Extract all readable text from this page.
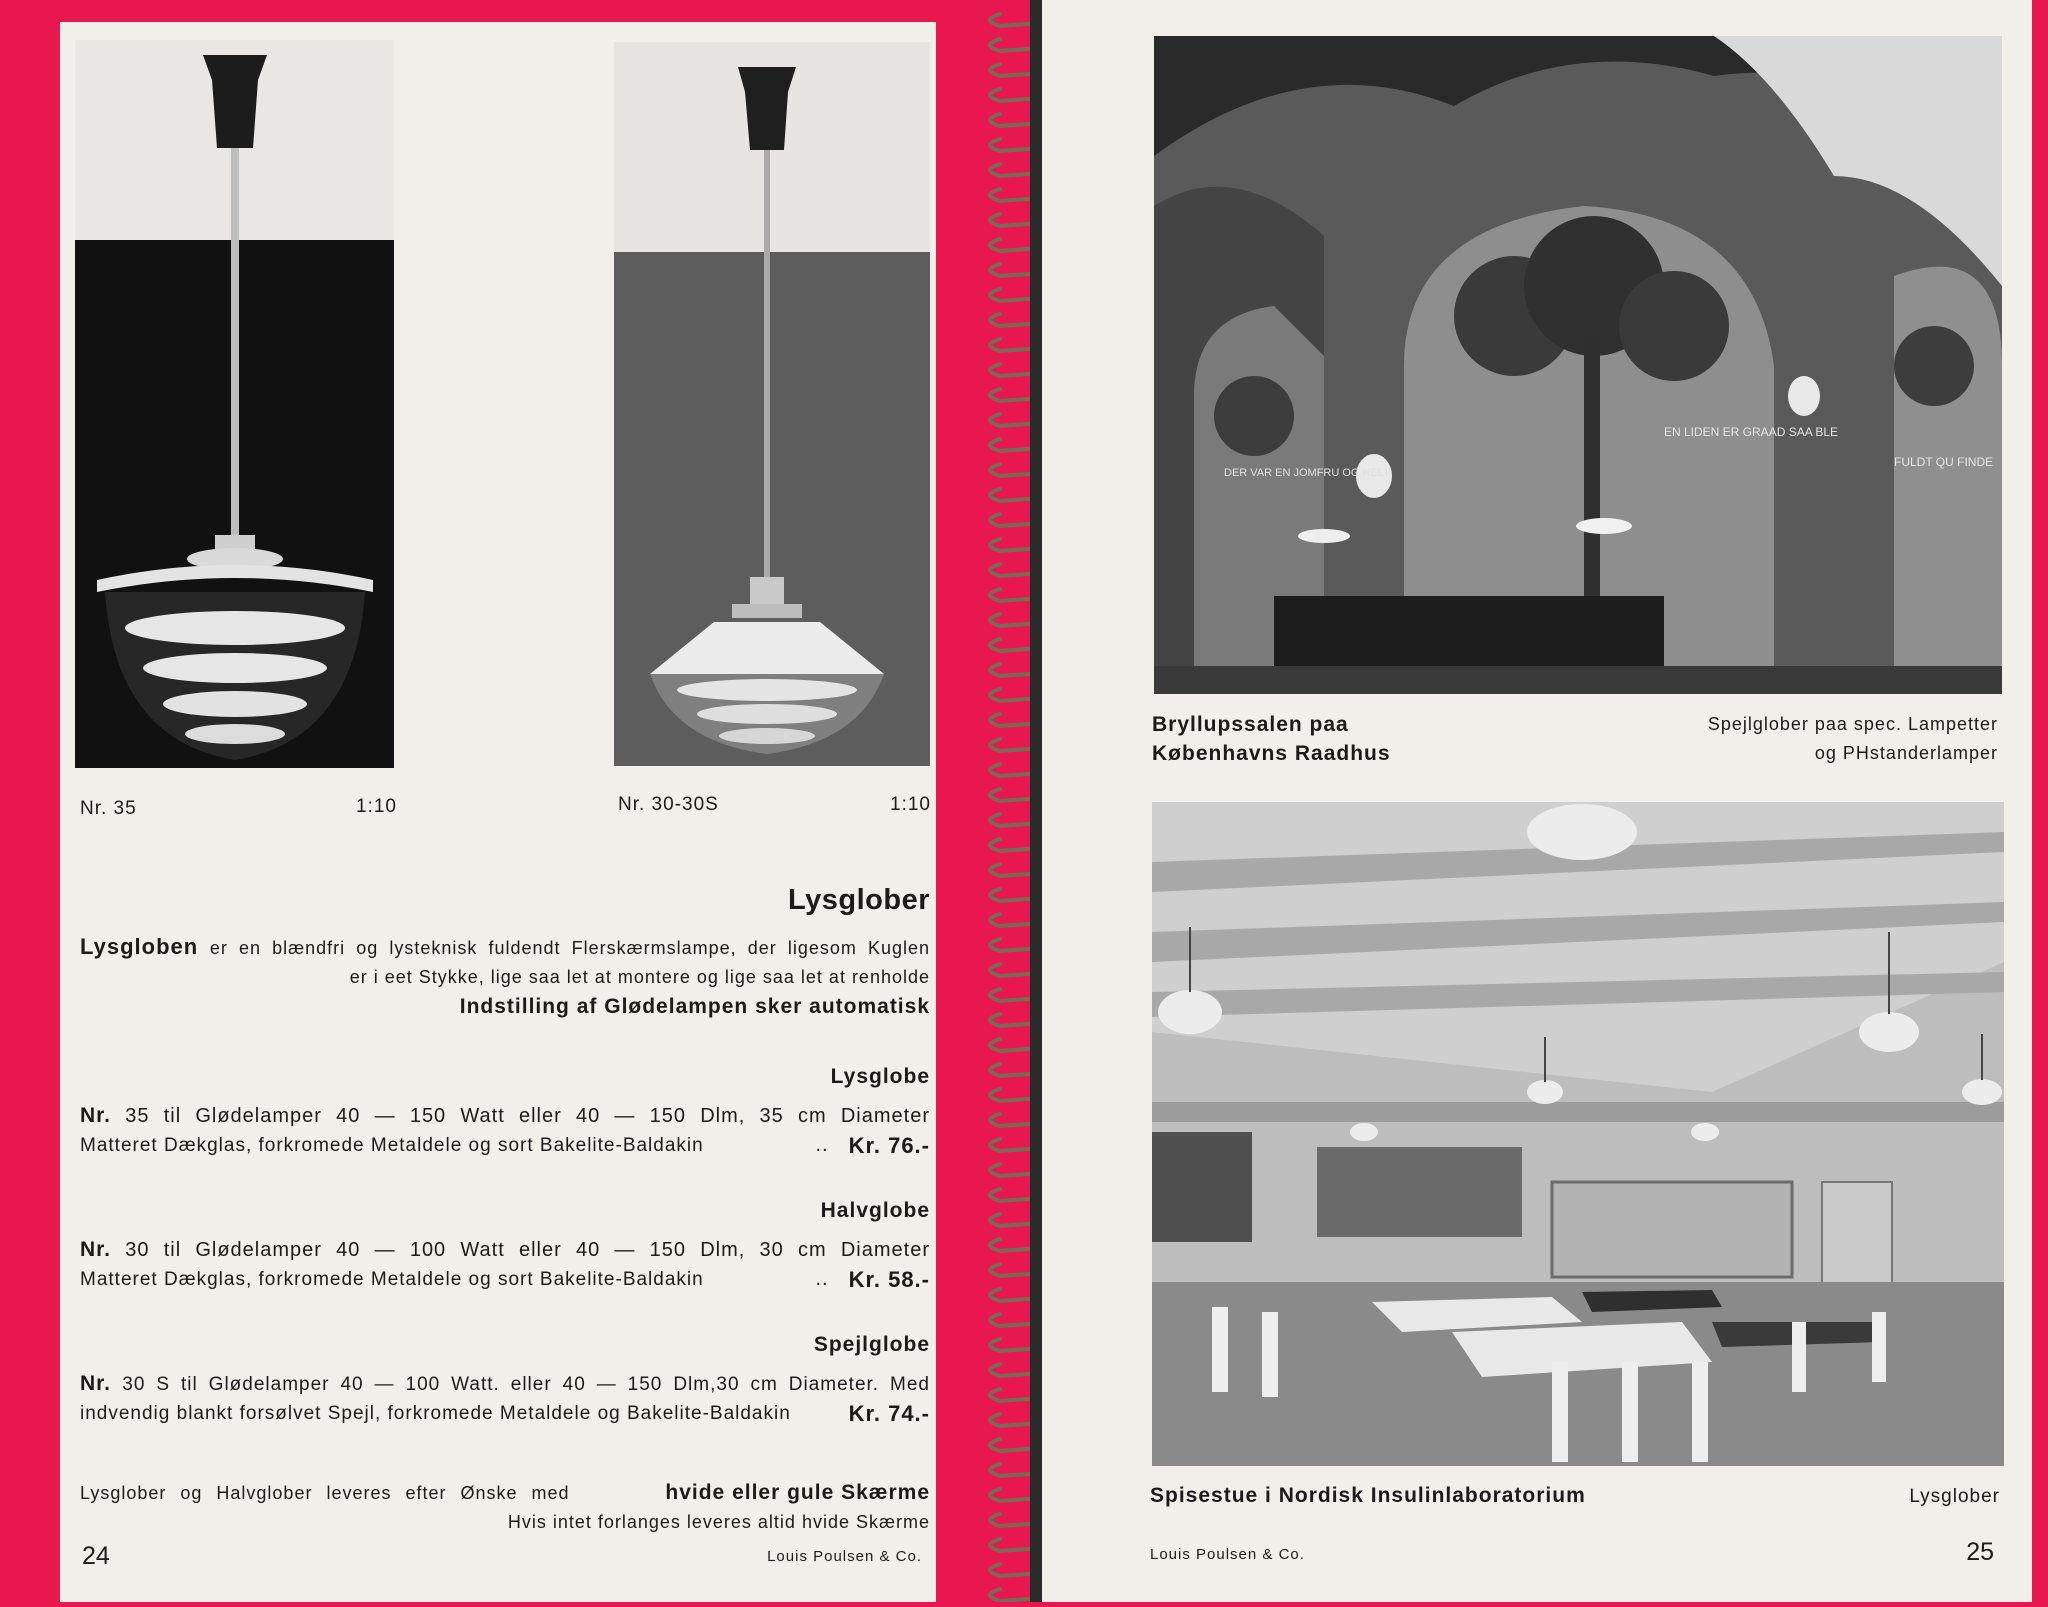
Nr. 35	1:10	Nr. 30-30S	1:10
Lysglober
Lysgloben er en blændfri og lysteknisk fuldendt Flerskærmslampe, der ligesom Kuglen
er i eet Stykke, lige saa let at montere og lige saa let at renholde
Indstilling af Glødelampen sker automatisk
Lysglobe
Nr. 35 til Glødelamper 40 — 150 Watt eller 40 — 150 Dlm, 35 cm Diameter
Matteret Dækglas, forkromede Metaldele og sort Bakelite-Baldakin	.. Kr. 76.-
Halvglobe
Nr. 30 til Glødelamper 40 — 100 Watt eller 40 — 150 Dlm, 30 cm Diameter
Matteret Dækglas, forkromede Metaldele og sort Bakelite-Baldakin	.. Kr. 58.-
Spejlglobe
Nr. 30 S til Glødelamper 40 — 100 Watt. eller 40 — 150 Dlm,30 cm Diameter. Med
indvendig blankt forsølvet Spejl, forkromede Metaldele og Bakelite-Baldakin	Kr. 74.-
Lysglober og Halvglober leveres efter Ønske med	hvide eller gule Skærme
Hvis intet forlanges leveres altid hvide Skærme
24	Louis Poulsen & Co.
DER VAR EN JOMFRU OG HELT
EN LIDEN ER GRAAD SAA BLE
FULDT QU FINDE
Bryllupssalen paa
Københavns Raadhus
Spejlglober paa spec. Lampetter
og PHstanderlamper
Spisestue i Nordisk Insulinlaboratorium	Lysglober
Louis Poulsen & Co.	25
